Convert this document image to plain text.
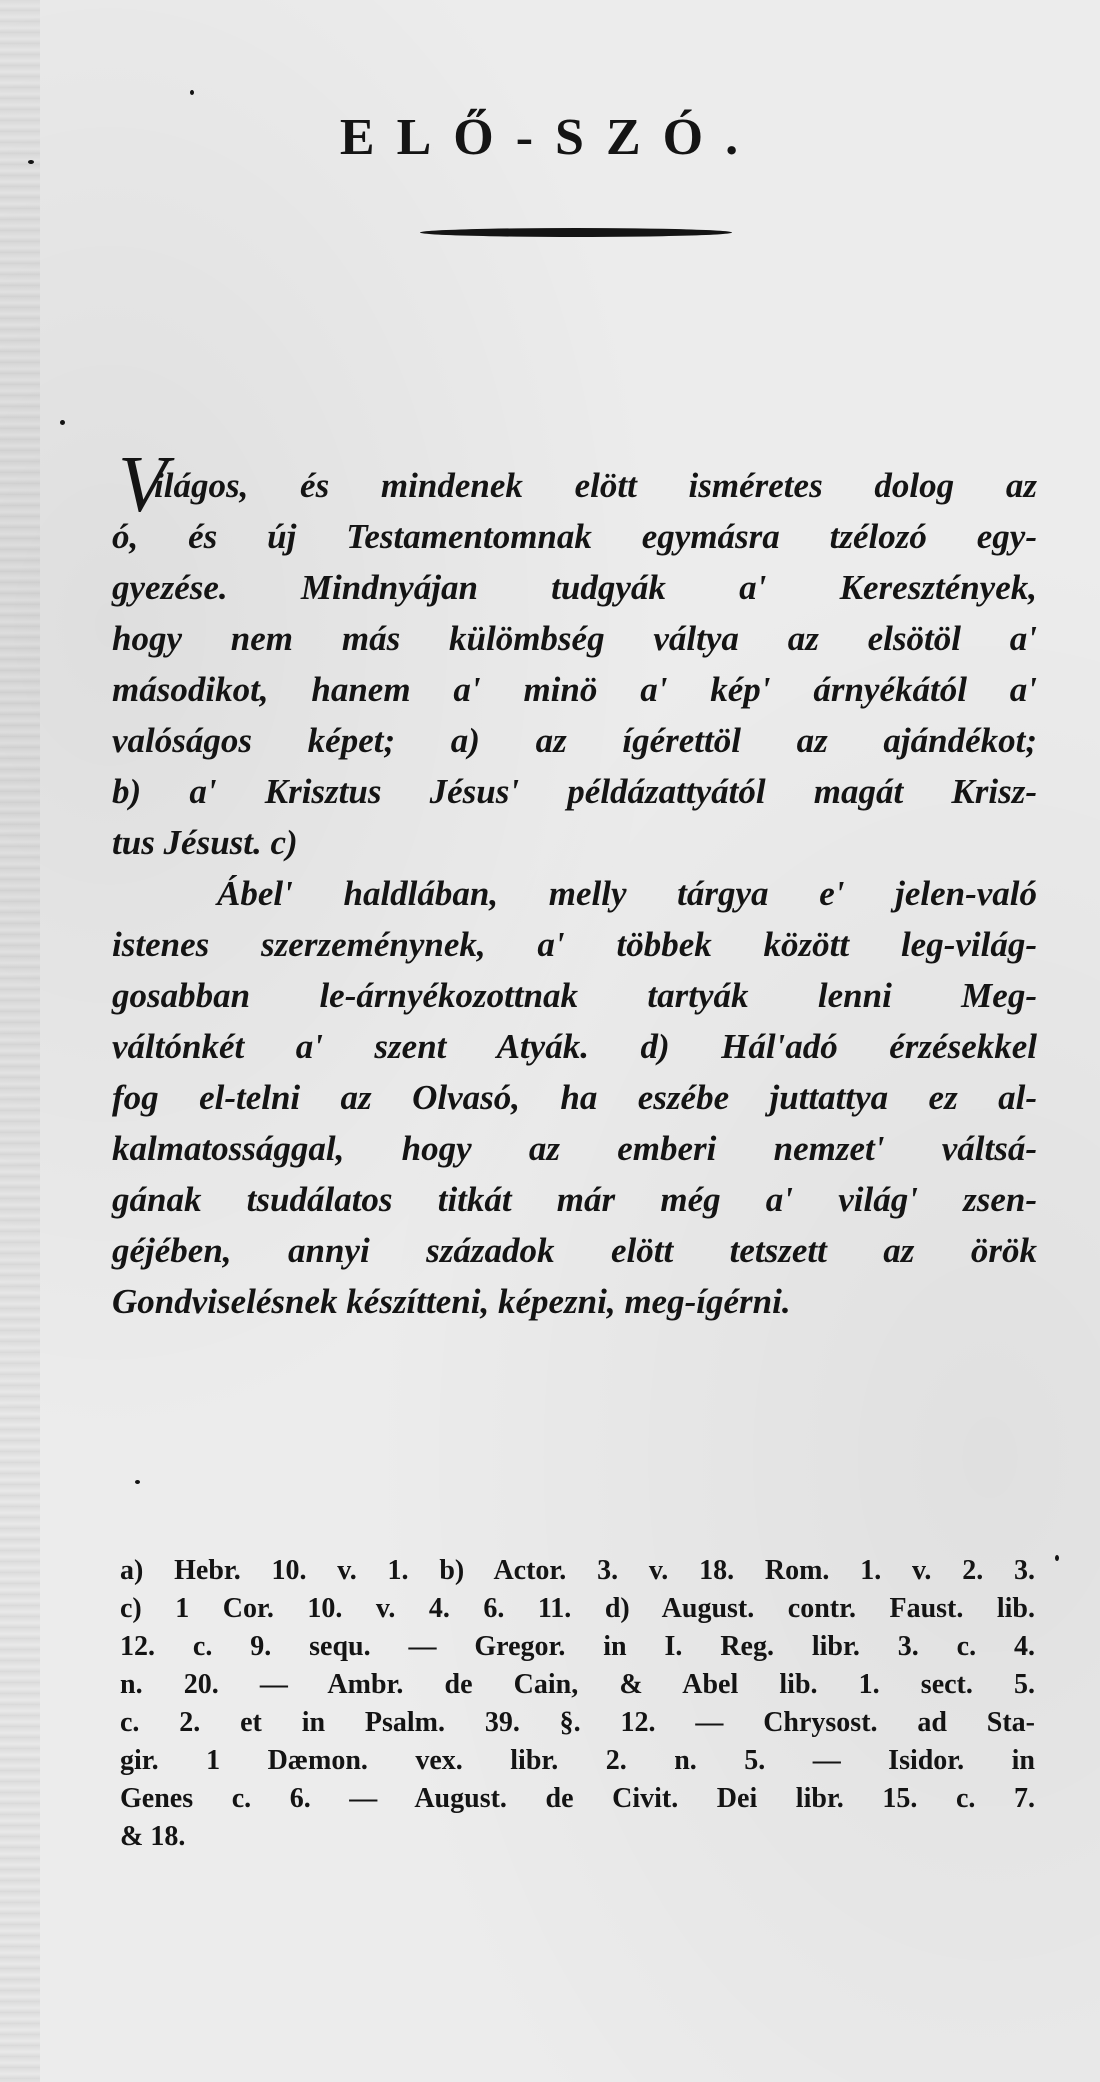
ELŐ-SZÓ.
V
ilágos, és mindenek elött isméretes dolog az
ó, és új Testamentomnak egymásra tzélozó egy-
gyezése. Mindnyájan tudgyák a' Keresztények,
hogy nem más külömbség váltya az elsötöl a'
másodikot, hanem a' minö a' kép' árnyékától a'
valóságos képet; a) az ígérettöl az ajándékot;
b) a' Krisztus Jésus' példázattyától magát Krisz-
tus Jésust. c)
Ábel' haldlában, melly tárgya e' jelen-való
istenes szerzeménynek, a' többek között leg-világ-
gosabban le-árnyékozottnak tartyák lenni Meg-
váltónkét a' szent Atyák. d) Hál'adó érzésekkel
fog el-telni az Olvasó, ha eszébe juttattya ez al-
kalmatossággal, hogy az emberi nemzet' váltsá-
gának tsudálatos titkát már még a' világ' zsen-
géjében, annyi századok elött tetszett az örök
Gondviselésnek készítteni, képezni, meg-ígérni.
a) Hebr. 10. v. 1. b) Actor. 3. v. 18. Rom. 1. v. 2. 3.
c) 1 Cor. 10. v. 4. 6. 11. d) August. contr. Faust. lib.
12. c. 9. sequ. — Gregor. in I. Reg. libr. 3. c. 4.
n. 20. — Ambr. de Cain, & Abel lib. 1. sect. 5.
c. 2. et in Psalm. 39. §. 12. — Chrysost. ad Sta-
gir. 1 Dæmon. vex. libr. 2. n. 5. — Isidor. in
Genes c. 6. — August. de Civit. Dei libr. 15. c. 7.
& 18.
